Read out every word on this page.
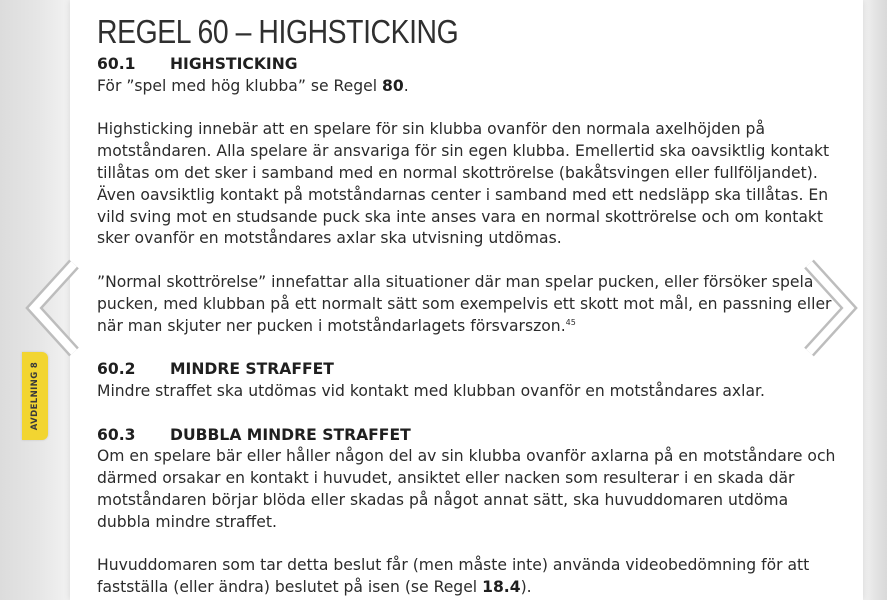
REGEL 60 – HIGHSTICKING
60.1 HIGHSTICKING

För ”spel med hög klubba” se Regel 80.

Highsticking innebär att en spelare för sin klubba ovanför den normala axelhöjden på motståndaren. Alla spelare är ansvariga för sin egen klubba. Emellertid ska oavsiktlig kontakt tillåtas om det sker i samband med en normal skottrörelse (bakåtsvingen eller fullföljandet). Även oavsiktlig kontakt på motståndarnas center i samband med ett nedsläpp ska tillåtas. En vild sving mot en studsande puck ska inte anses vara en normal skottrörelse och om kontakt sker ovanför en motståndares axlar ska utvisning utdömas.

”Normal skottrörelse” innefattar alla situationer där man spelar pucken, eller försöker spela pucken, med klubban på ett normalt sätt som exempelvis ett skott mot mål, en passning eller när man skjuter ner pucken i motståndarlagets försvarszon.$^{45}$

60.2 MINDRE STRAFFET

Mindre straffet ska utdömas vid kontakt med klubban ovanför en motståndares axlar.

60.3 DUBBLA MINDRE STRAFFET

Om en spelare bär eller håller någon del av sin klubba ovanför axlarna på en motståndare och därmed orsakar en kontakt i huvudet, ansiktet eller nacken som resulterar i en skada där motståndaren börjar blöda eller skadas på något annat sätt, ska huvuddomaren utdöma dubbla mindre straffet.

Huvuddomaren som tar detta beslut får (men måste inte) använda videobedömning för att fastställa (eller ändra) beslutet på isen (se Regel 18.4).

AVDELNING 8
